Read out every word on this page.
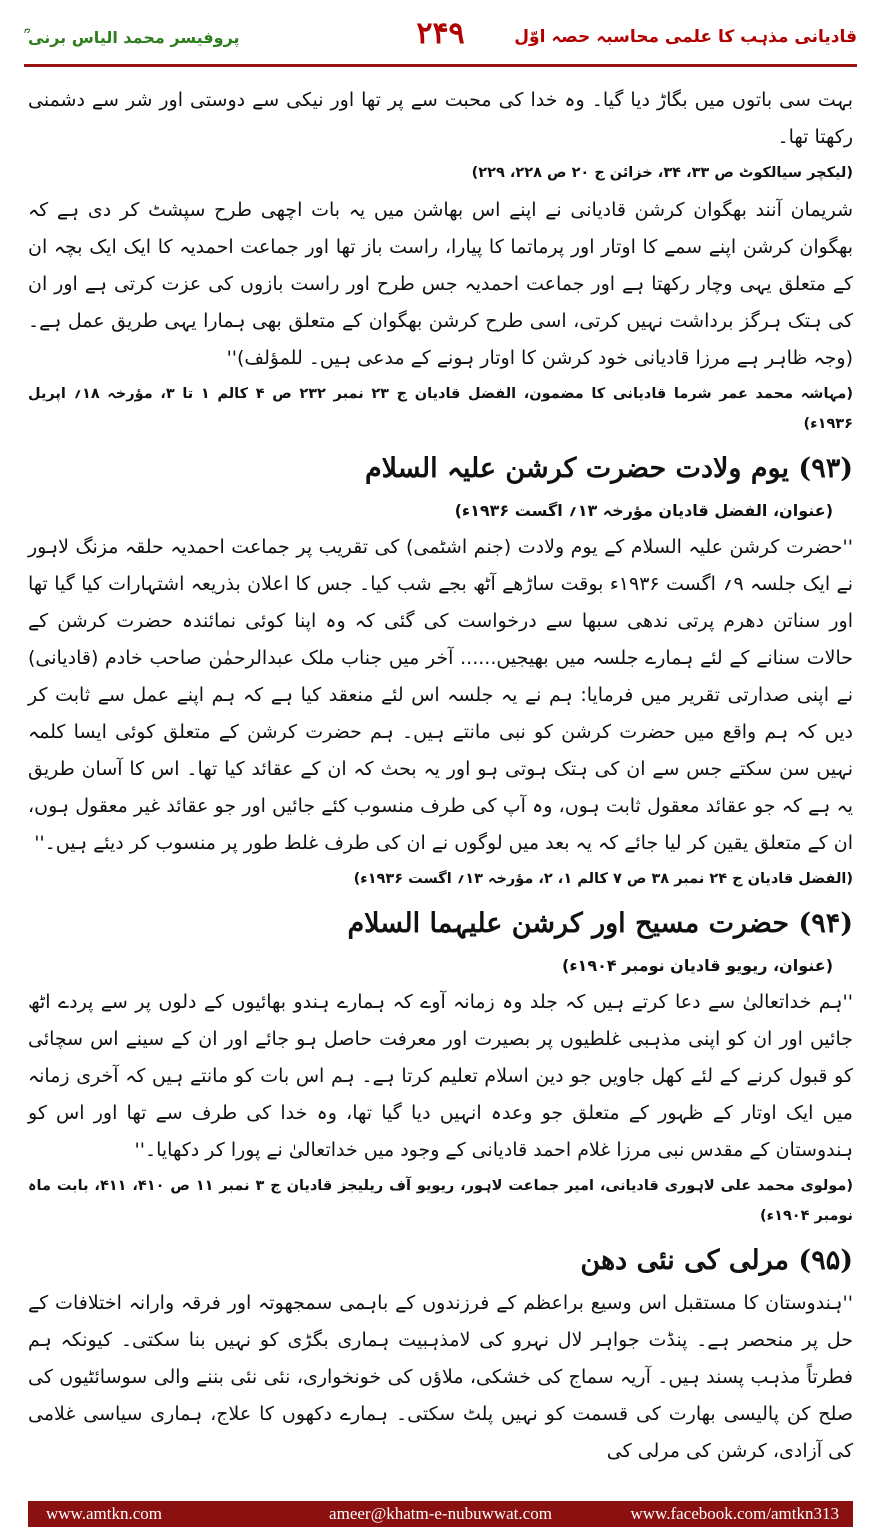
قادیانی مذہب کا علمی محاسبہ حصہ اوّل
۲۴۹
پروفیسر محمد الیاس برنی ؒ

بہت سی باتوں میں بگاڑ دیا گیا۔ وہ خدا کی محبت سے پر تھا اور نیکی سے دوستی اور شر سے دشمنی رکھتا تھا۔

(لیکچر سیالکوٹ ص ۳۳، ۳۴، خزائن ج ۲۰ ص ۲۲۸، ۲۲۹)

شریمان آنند بھگوان کرشن قادیانی نے اپنے اس بھاشن میں یہ بات اچھی طرح سپشٹ کر دی ہے کہ بھگوان کرشن اپنے سمے کا اوتار اور پرماتما کا پیارا، راست باز تھا اور جماعت احمدیہ کا ایک ایک بچہ ان کے متعلق یہی وچار رکھتا ہے اور جماعت احمدیہ جس طرح اور راست بازوں کی عزت کرتی ہے اور ان کی ہتک ہرگز برداشت نہیں کرتی، اسی طرح کرشن بھگوان کے متعلق بھی ہمارا یہی طریق عمل ہے۔ (وجہ ظاہر ہے مرزا قادیانی خود کرشن کا اوتار ہونے کے مدعی ہیں۔ للمؤلف)''

(مہاشہ محمد عمر شرما قادیانی کا مضمون، الفضل قادیان ج ۲۳ نمبر ۲۳۲ ص ۴ کالم ۱ تا ۳، مؤرخہ ۱۸؍ اپریل ۱۹۳۶ء)

(۹۳) یوم ولادت حضرت کرشن علیہ السلام

(عنوان، الفضل قادیان مؤرخہ ۱۳؍ اگست ۱۹۳۶ء)

''حضرت کرشن علیہ السلام کے یوم ولادت (جنم اشٹمی) کی تقریب پر جماعت احمدیہ حلقہ مزنگ لاہور نے ایک جلسہ ۹؍ اگست ۱۹۳۶ء بوقت ساڑھے آٹھ بجے شب کیا۔ جس کا اعلان بذریعہ اشتہارات کیا گیا تھا اور سناتن دھرم پرتی ندھی سبھا سے درخواست کی گئی کہ وہ اپنا کوئی نمائندہ حضرت کرشن کے حالات سنانے کے لئے ہمارے جلسہ میں بھیجیں...... آخر میں جناب ملک عبدالرحمٰن صاحب خادم (قادیانی) نے اپنی صدارتی تقریر میں فرمایا: ہم نے یہ جلسہ اس لئے منعقد کیا ہے کہ ہم اپنے عمل سے ثابت کر دیں کہ ہم واقع میں حضرت کرشن کو نبی مانتے ہیں۔ ہم حضرت کرشن کے متعلق کوئی ایسا کلمہ نہیں سن سکتے جس سے ان کی ہتک ہوتی ہو اور یہ بحث کہ ان کے عقائد کیا تھا۔ اس کا آسان طریق یہ ہے کہ جو عقائد معقول ثابت ہوں، وہ آپ کی طرف منسوب کئے جائیں اور جو عقائد غیر معقول ہوں، ان کے متعلق یقین کر لیا جائے کہ یہ بعد میں لوگوں نے ان کی طرف غلط طور پر منسوب کر دیئے ہیں۔''

(الفضل قادیان ج ۲۴ نمبر ۳۸ ص ۷ کالم ۱، ۲، مؤرخہ ۱۳؍ اگست ۱۹۳۶ء)

(۹۴) حضرت مسیح اور کرشن علیہما السلام

(عنوان، ریویو قادیان نومبر ۱۹۰۴ء)

''ہم خداتعالیٰ سے دعا کرتے ہیں کہ جلد وہ زمانہ آوے کہ ہمارے ہندو بھائیوں کے دلوں پر سے پردے اٹھ جائیں اور ان کو اپنی مذہبی غلطیوں پر بصیرت اور معرفت حاصل ہو جائے اور ان کے سینے اس سچائی کو قبول کرنے کے لئے کھل جاویں جو دین اسلام تعلیم کرتا ہے۔ ہم اس بات کو مانتے ہیں کہ آخری زمانہ میں ایک اوتار کے ظہور کے متعلق جو وعدہ انہیں دیا گیا تھا، وہ خدا کی طرف سے تھا اور اس کو ہندوستان کے مقدس نبی مرزا غلام احمد قادیانی کے وجود میں خداتعالیٰ نے پورا کر دکھایا۔''

(مولوی محمد علی لاہوری قادیانی، امیر جماعت لاہور، ریویو آف ریلیجز قادیان ج ۳ نمبر ۱۱ ص ۴۱۰، ۴۱۱، بابت ماہ نومبر ۱۹۰۴ء)

(۹۵) مرلی کی نئی دھن

''ہندوستان کا مستقبل اس وسیع براعظم کے فرزندوں کے باہمی سمجھوتہ اور فرقہ وارانہ اختلافات کے حل پر منحصر ہے۔ پنڈت جواہر لال نہرو کی لامذہبیت ہماری بگڑی کو نہیں بنا سکتی۔ کیونکہ ہم فطرتاً مذہب پسند ہیں۔ آریہ سماج کی خشکی، ملاؤں کی خونخواری، نئی نئی بننے والی سوسائٹیوں کی صلح کن پالیسی بھارت کی قسمت کو نہیں پلٹ سکتی۔ ہمارے دکھوں کا علاج، ہماری سیاسی غلامی کی آزادی، کرشن کی مرلی کی

www.amtkn.com	ameer@khatm-e-nubuwwat.com	www.facebook.com/amtkn313
